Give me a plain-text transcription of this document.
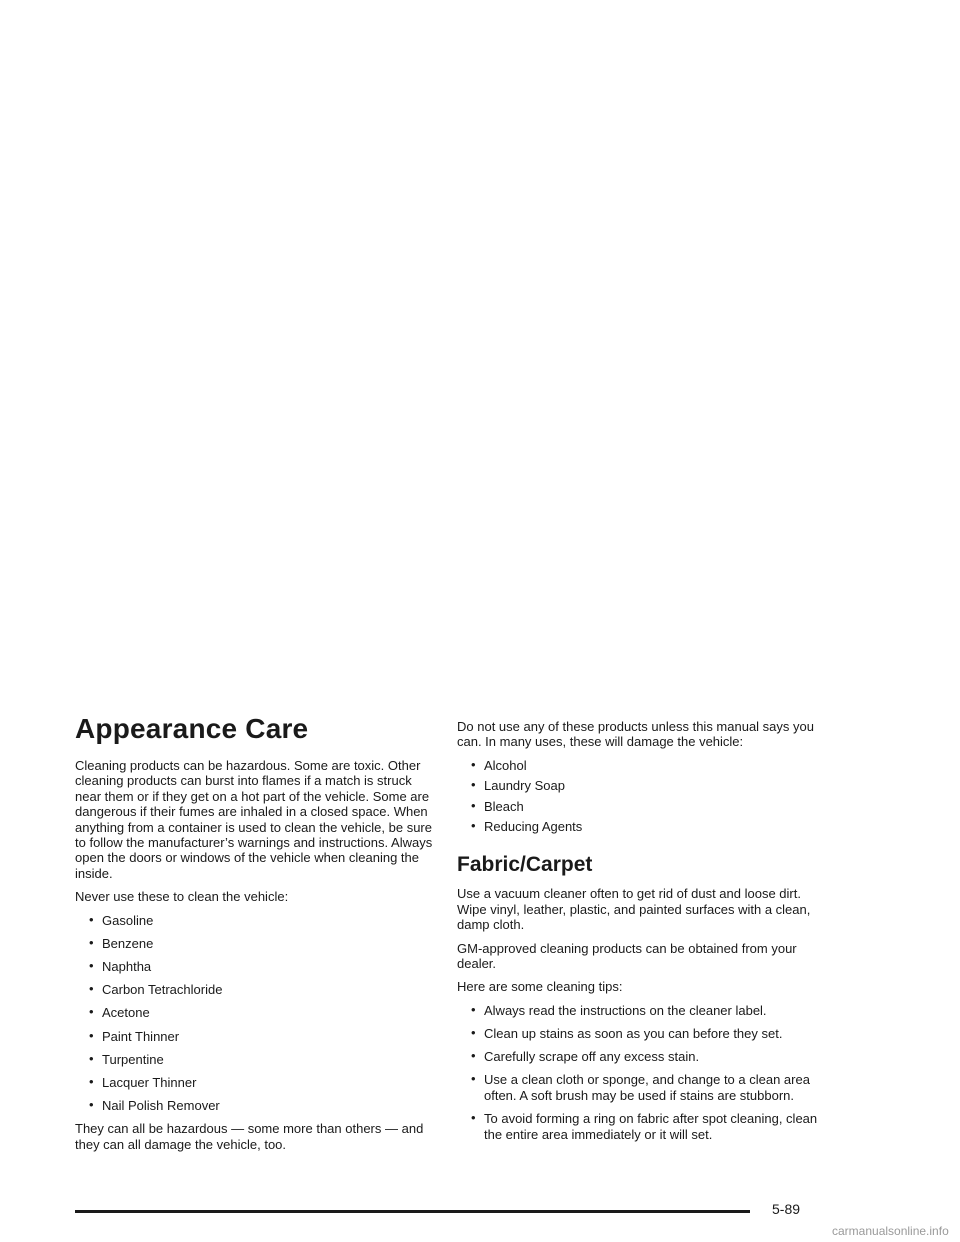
Appearance Care

Cleaning products can be hazardous. Some are toxic. Other cleaning products can burst into flames if a match is struck near them or if they get on a hot part of the vehicle. Some are dangerous if their fumes are inhaled in a closed space. When anything from a container is used to clean the vehicle, be sure to follow the manufacturer’s warnings and instructions. Always open the doors or windows of the vehicle when cleaning the inside.

Never use these to clean the vehicle:

• Gasoline
• Benzene
• Naphtha
• Carbon Tetrachloride
• Acetone
• Paint Thinner
• Turpentine
• Lacquer Thinner
• Nail Polish Remover

They can all be hazardous — some more than others — and they can all damage the vehicle, too.

Do not use any of these products unless this manual says you can. In many uses, these will damage the vehicle:

• Alcohol
• Laundry Soap
• Bleach
• Reducing Agents
Fabric/Carpet

Use a vacuum cleaner often to get rid of dust and loose dirt. Wipe vinyl, leather, plastic, and painted surfaces with a clean, damp cloth.

GM-approved cleaning products can be obtained from your dealer.

Here are some cleaning tips:

• Always read the instructions on the cleaner label.
• Clean up stains as soon as you can before they set.
• Carefully scrape off any excess stain.
• Use a clean cloth or sponge, and change to a clean area often. A soft brush may be used if stains are stubborn.
• To avoid forming a ring on fabric after spot cleaning, clean the entire area immediately or it will set.
5-89
carmanualsonline.info
